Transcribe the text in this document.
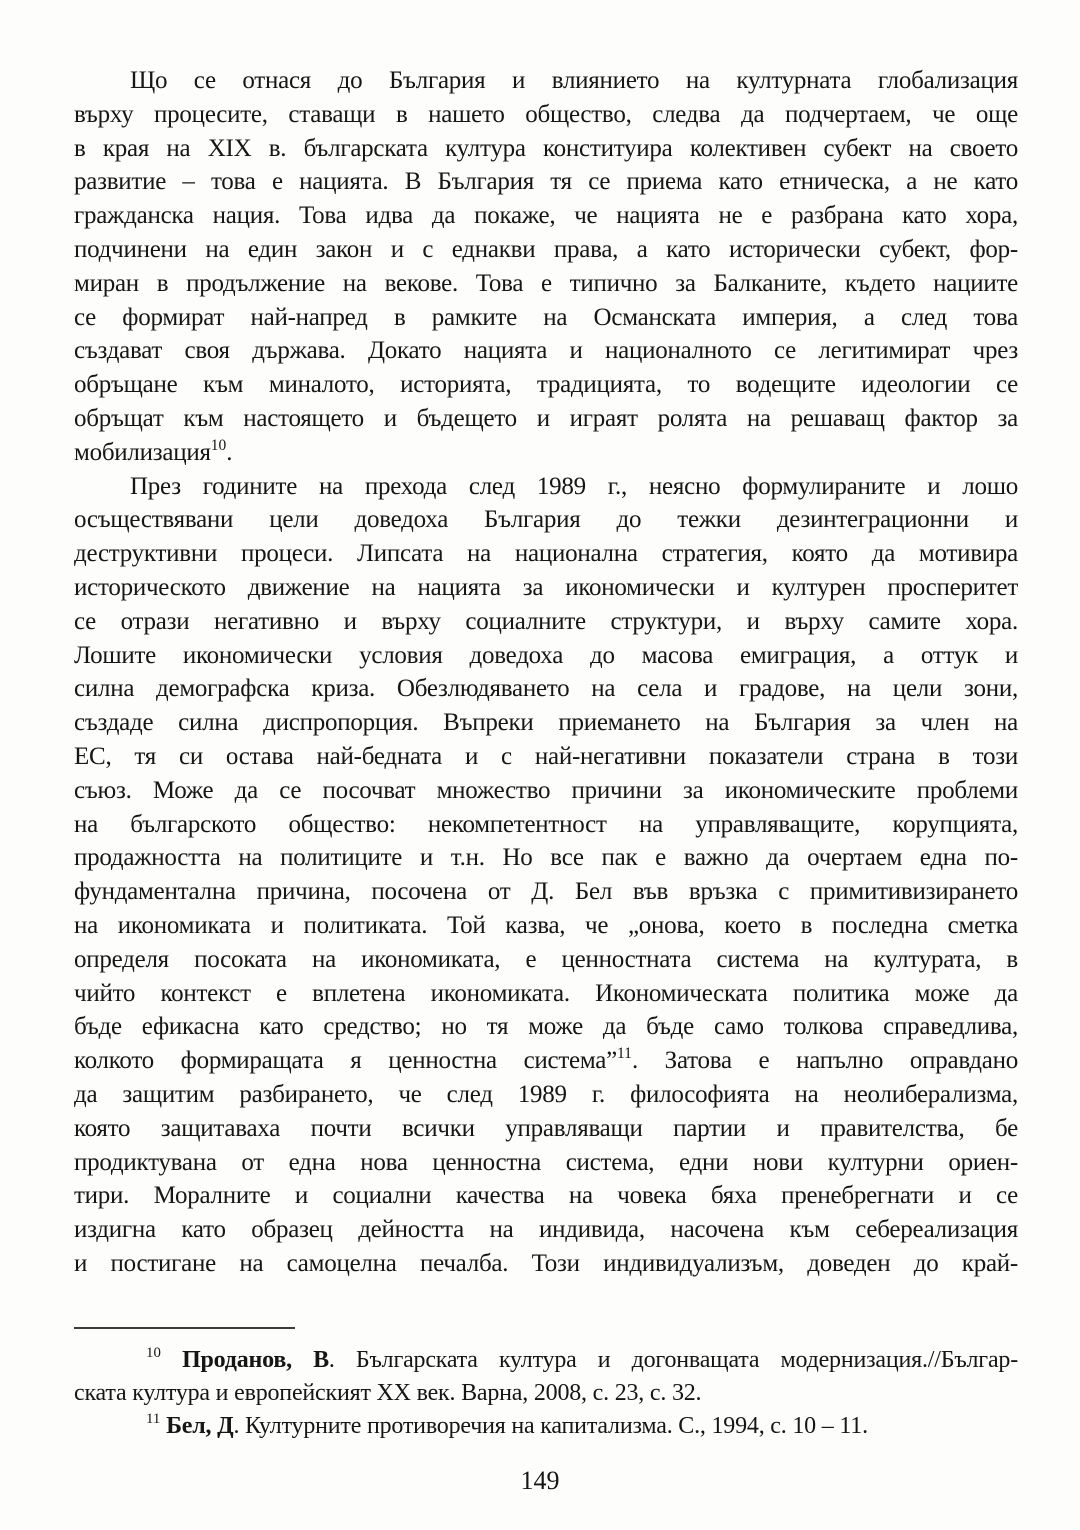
Що се отнася до България и влиянието на културната глобализация
върху процесите, ставащи в нашето общество, следва да подчертаем, че още
в края на XIX в. българската култура конституира колективен субект на своето
развитие – това е нацията. В България тя се приема като етническа, а не като
гражданска нация. Това идва да покаже, че нацията не е разбрана като хора,
подчинени на един закон и с еднакви права, а като исторически субект, фор-
миран в продължение на векове. Това е типично за Балканите, където нациите
се формират най-напред в рамките на Османската империя, а след това
създават своя държава. Докато нацията и националното се легитимират чрез
обръщане към миналото, историята, традицията, то водещите идеологии се
обръщат към настоящето и бъдещето и играят ролята на решаващ фактор за
мобилизация$^{10}$.
През годините на прехода след 1989 г., неясно формулираните и лошо
осъществявани цели доведоха България до тежки дезинтеграционни и
деструктивни процеси. Липсата на национална стратегия, която да мотивира
историческото движение на нацията за икономически и културен просперитет
се отрази негативно и върху социалните структури, и върху самите хора.
Лошите икономически условия доведоха до масова емиграция, а оттук и
силна демографска криза. Обезлюдяването на села и градове, на цели зони,
създаде силна диспропорция. Въпреки приемането на България за член на
ЕС, тя си остава най-бедната и с най-негативни показатели страна в този
съюз. Може да се посочват множество причини за икономическите проблеми
на българското общество: некомпетентност на управляващите, корупцията,
продажността на политиците и т.н. Но все пак е важно да очертаем една по-
фундаментална причина, посочена от Д. Бел във връзка с примитивизирането
на икономиката и политиката. Той казва, че „онова, което в последна сметка
определя посоката на икономиката, е ценностната система на културата, в
чийто контекст е вплетена икономиката. Икономическата политика може да
бъде ефикасна като средство; но тя може да бъде само толкова справедлива,
колкото формиращата я ценностна система”$^{11}$. Затова е напълно оправдано
да защитим разбирането, че след 1989 г. философията на неолиберализма,
която защитаваха почти всички управляващи партии и правителства, бе
продиктувана от една нова ценностна система, едни нови културни ориен-
тири. Моралните и социални качества на човека бяха пренебрегнати и се
издигна като образец дейността на индивида, насочена към себереализация
и постигане на самоцелна печалба. Този индивидуализъм, доведен до край-
$^{10}$ Проданов, В. Българската култура и догонващата модернизация.//Българ-
ската култура и европейският XX век. Варна, 2008, с. 23, с. 32.
$^{11}$ Бел, Д. Културните противоречия на капитализма. С., 1994, с. 10 – 11.
149
